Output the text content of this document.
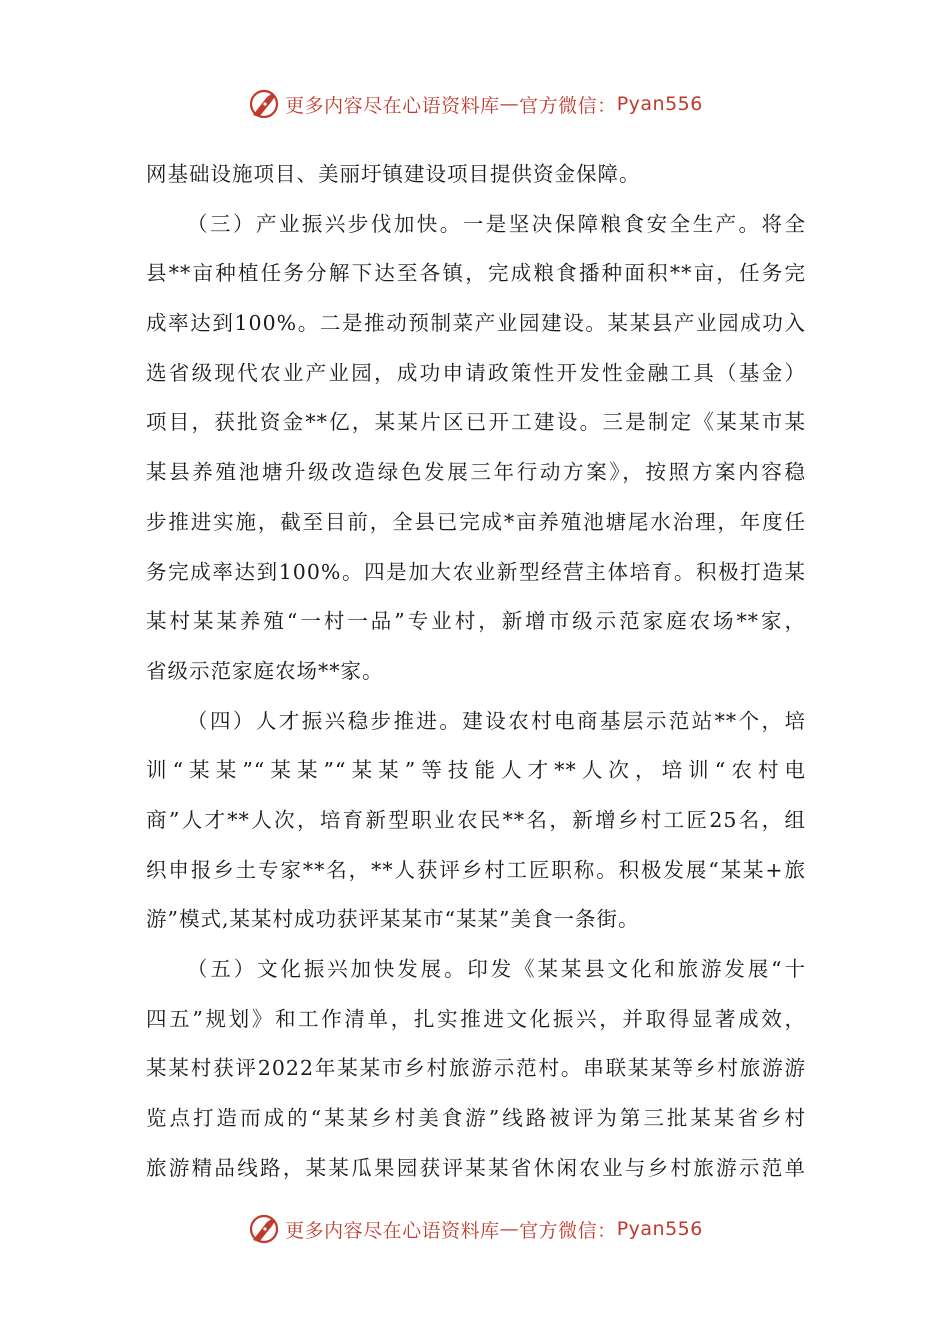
更多内容尽在心语资料库 — 官方微信： Pyan556
网基础设施项目、美丽圩镇建设项目提供资金保障。
（三）产业振兴步伐加快。一是坚决保障粮食安全生产。将全
县**亩种植任务分解下达至各镇，完成粮食播种面积**亩，任务完
成率达到100%。二是推动预制菜产业园建设。某某县产业园成功入
选省级现代农业产业园，成功申请政策性开发性金融工具（基金）
项目，获批资金**亿，某某片区已开工建设。三是制定《某某市某
某县养殖池塘升级改造绿色发展三年行动方案》，按照方案内容稳
步推进实施，截至目前，全县已完成*亩养殖池塘尾水治理，年度任
务完成率达到100%。四是加大农业新型经营主体培育。积极打造某
某村某某养殖“一村一品”专业村，新增市级示范家庭农场**家，
省级示范家庭农场**家。
（四）人才振兴稳步推进。建设农村电商基层示范站**个，培
训“某某”“某某”“某某”等技能人才**人次，培训“农村电
商”人才**人次，培育新型职业农民**名，新增乡村工匠25名，组
织申报乡土专家**名，**人获评乡村工匠职称。积极发展“某某+旅
游”模式,某某村成功获评某某市“某某”美食一条街。
（五）文化振兴加快发展。印发《某某县文化和旅游发展“十
四五”规划》和工作清单，扎实推进文化振兴，并取得显著成效，
某某村获评2022年某某市乡村旅游示范村。串联某某等乡村旅游游
览点打造而成的“某某乡村美食游”线路被评为第三批某某省乡村
旅游精品线路，某某瓜果园获评某某省休闲农业与乡村旅游示范单
更多内容尽在心语资料库 — 官方微信： Pyan556
